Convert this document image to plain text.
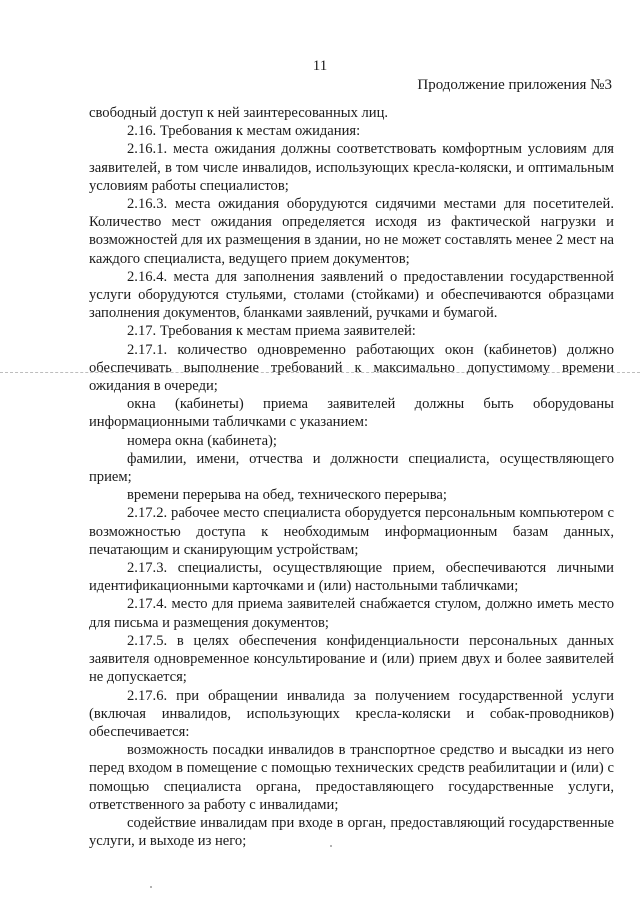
11
Продолжение приложения №3

свободный доступ к ней заинтересованных лиц.

2.16. Требования к местам ожидания:

2.16.1. места ожидания должны соответствовать комфортным условиям для заявителей, в том числе инвалидов, использующих кресла-коляски, и оптимальным условиям работы специалистов;

2.16.3. места ожидания оборудуются сидячими местами для посетителей. Количество мест ожидания определяется исходя из фактической нагрузки и возможностей для их размещения в здании, но не может составлять менее 2 мест на каждого специалиста, ведущего прием документов;

2.16.4. места для заполнения заявлений о предоставлении государственной услуги оборудуются стульями, столами (стойками) и обеспечиваются образцами заполнения документов, бланками заявлений, ручками и бумагой.

2.17. Требования к местам приема заявителей:

2.17.1. количество одновременно работающих окон (кабинетов) должно обеспечивать выполнение требований к максимально допустимому времени ожидания в очереди;

окна (кабинеты) приема заявителей должны быть оборудованы информационными табличками с указанием:

номера окна (кабинета);

фамилии, имени, отчества и должности специалиста, осуществляющего прием;

времени перерыва на обед, технического перерыва;

2.17.2. рабочее место специалиста оборудуется персональным компьютером с возможностью доступа к необходимым информационным базам данных, печатающим и сканирующим устройствам;

2.17.3. специалисты, осуществляющие прием, обеспечиваются личными идентификационными карточками и (или) настольными табличками;

2.17.4. место для приема заявителей снабжается стулом, должно иметь место для письма и размещения документов;

2.17.5. в целях обеспечения конфиденциальности персональных данных заявителя одновременное консультирование и (или) прием двух и более заявителей не допускается;

2.17.6. при обращении инвалида за получением государственной услуги (включая инвалидов, использующих кресла-коляски и собак-проводников) обеспечивается:

возможность посадки инвалидов в транспортное средство и высадки из него перед входом в помещение с помощью технических средств реабилитации и (или) с помощью специалиста органа, предоставляющего государственные услуги, ответственного за работу с инвалидами;

содействие инвалидам при входе в орган, предоставляющий государственные услуги, и выходе из него;
